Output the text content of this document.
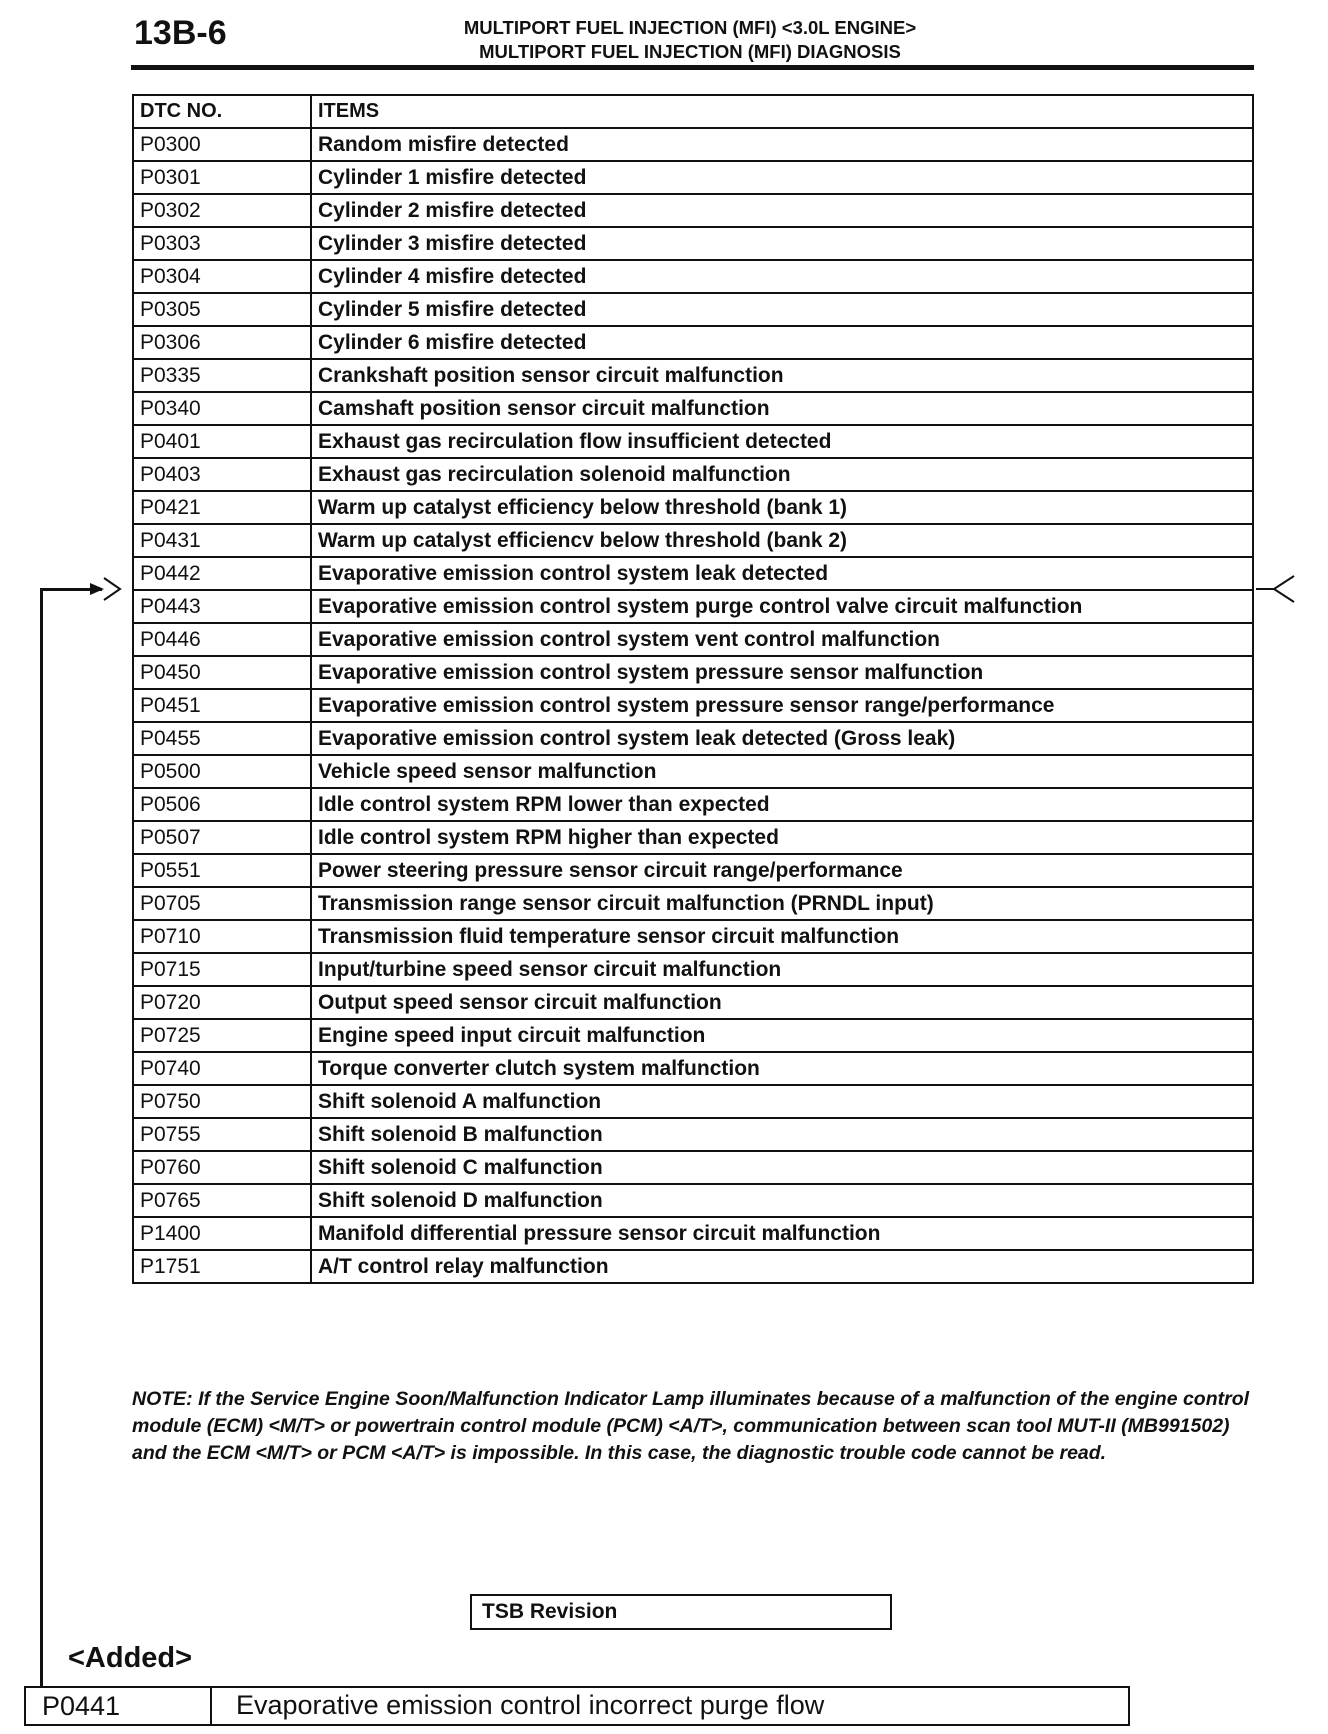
13B-6	MULTIPORT FUEL INJECTION (MFI) <3.0L ENGINE>
MULTIPORT FUEL INJECTION (MFI) DIAGNOSIS
DTC NO.	ITEMS
P0300	Random misfire detected
P0301	Cylinder 1 misfire detected
P0302	Cylinder 2 misfire detected
P0303	Cylinder 3 misfire detected
P0304	Cylinder 4 misfire detected
P0305	Cylinder 5 misfire detected
P0306	Cylinder 6 misfire detected
P0335	Crankshaft position sensor circuit malfunction
P0340	Camshaft position sensor circuit malfunction
P0401	Exhaust gas recirculation flow insufficient detected
P0403	Exhaust gas recirculation solenoid malfunction
P0421	Warm up catalyst efficiency below threshold (bank 1)
P0431	Warm up catalyst efficiencv below threshold (bank 2)
P0442	Evaporative emission control system leak detected
P0443	Evaporative emission control system purge control valve circuit malfunction
P0446	Evaporative emission control system vent control malfunction
P0450	Evaporative emission control system pressure sensor malfunction
P0451	Evaporative emission control system pressure sensor range/performance
P0455	Evaporative emission control system leak detected (Gross leak)
P0500	Vehicle speed sensor malfunction
P0506	Idle control system RPM lower than expected
P0507	Idle control system RPM higher than expected
P0551	Power steering pressure sensor circuit range/performance
P0705	Transmission range sensor circuit malfunction (PRNDL input)
P0710	Transmission fluid temperature sensor circuit malfunction
P0715	Input/turbine speed sensor circuit malfunction
P0720	Output speed sensor circuit malfunction
P0725	Engine speed input circuit malfunction
P0740	Torque converter clutch system malfunction
P0750	Shift solenoid A malfunction
P0755	Shift solenoid B malfunction
P0760	Shift solenoid C malfunction
P0765	Shift solenoid D malfunction
P1400	Manifold differential pressure sensor circuit malfunction
P1751	A/T control relay malfunction
NOTE: If the Service Engine Soon/Malfunction Indicator Lamp illuminates because of a malfunction of the engine control module (ECM) <M/T> or powertrain control module (PCM) <A/T>, communication between scan tool MUT-II (MB991502) and the ECM <M/T> or PCM <A/T> is impossible. In this case, the diagnostic trouble code cannot be read.
TSB Revision
<Added>
P0441	Evaporative emission control incorrect purge flow
